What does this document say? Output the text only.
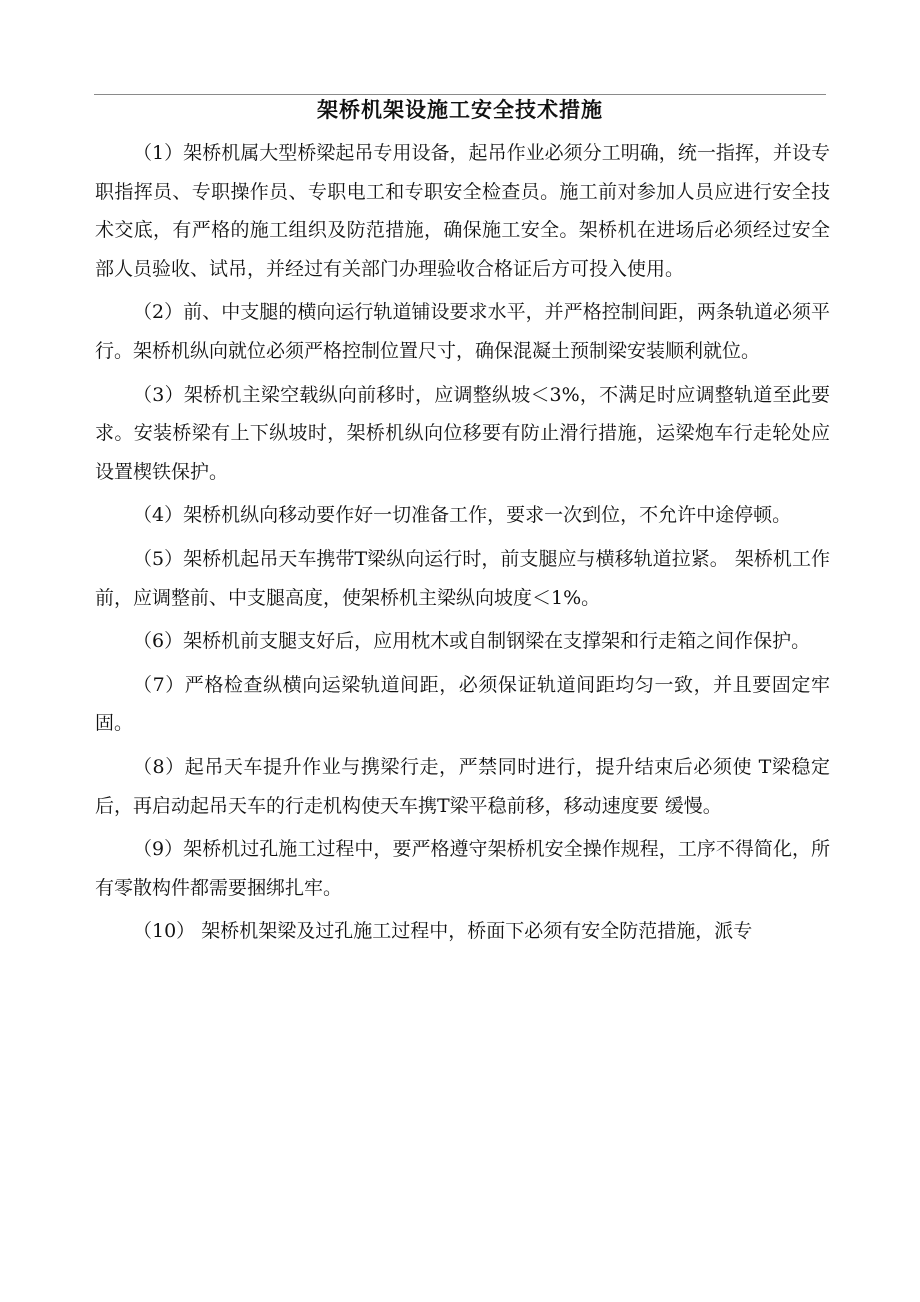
架桥机架设施工安全技术措施

（1）架桥机属大型桥梁起吊专用设备，起吊作业必须分工明确，统一指挥，并设专职指挥员、专职操作员、专职电工和专职安全检查员。施工前对参加人员应进行安全技术交底，有严格的施工组织及防范措施，确保施工安全。架桥机在进场后必须经过安全部人员验收、试吊，并经过有关部门办理验收合格证后方可投入使用。

（2）前、中支腿的横向运行轨道铺设要求水平，并严格控制间距，两条轨道必须平行。架桥机纵向就位必须严格控制位置尺寸，确保混凝土预制梁安装顺利就位。

（3）架桥机主梁空载纵向前移时，应调整纵坡＜3%，不满足时应调整轨道至此要求。安装桥梁有上下纵坡时，架桥机纵向位移要有防止滑行措施，运梁炮车行走轮处应设置楔铁保护。

（4）架桥机纵向移动要作好一切准备工作，要求一次到位，不允许中途停顿。

（5）架桥机起吊天车携带T梁纵向运行时，前支腿应与横移轨道拉紧。 架桥机工作前，应调整前、中支腿高度，使架桥机主梁纵向坡度＜1%。

（6）架桥机前支腿支好后，应用枕木或自制钢梁在支撑架和行走箱之间作保护。

（7）严格检查纵横向运梁轨道间距，必须保证轨道间距均匀一致，并且要固定牢固。

（8）起吊天车提升作业与携梁行走，严禁同时进行，提升结束后必须使 T梁稳定后，再启动起吊天车的行走机构使天车携T梁平稳前移，移动速度要 缓慢。

（9）架桥机过孔施工过程中，要严格遵守架桥机安全操作规程，工序不得简化，所有零散构件都需要捆绑扎牢。

（10） 架桥机架梁及过孔施工过程中，桥面下必须有安全防范措施，派专
